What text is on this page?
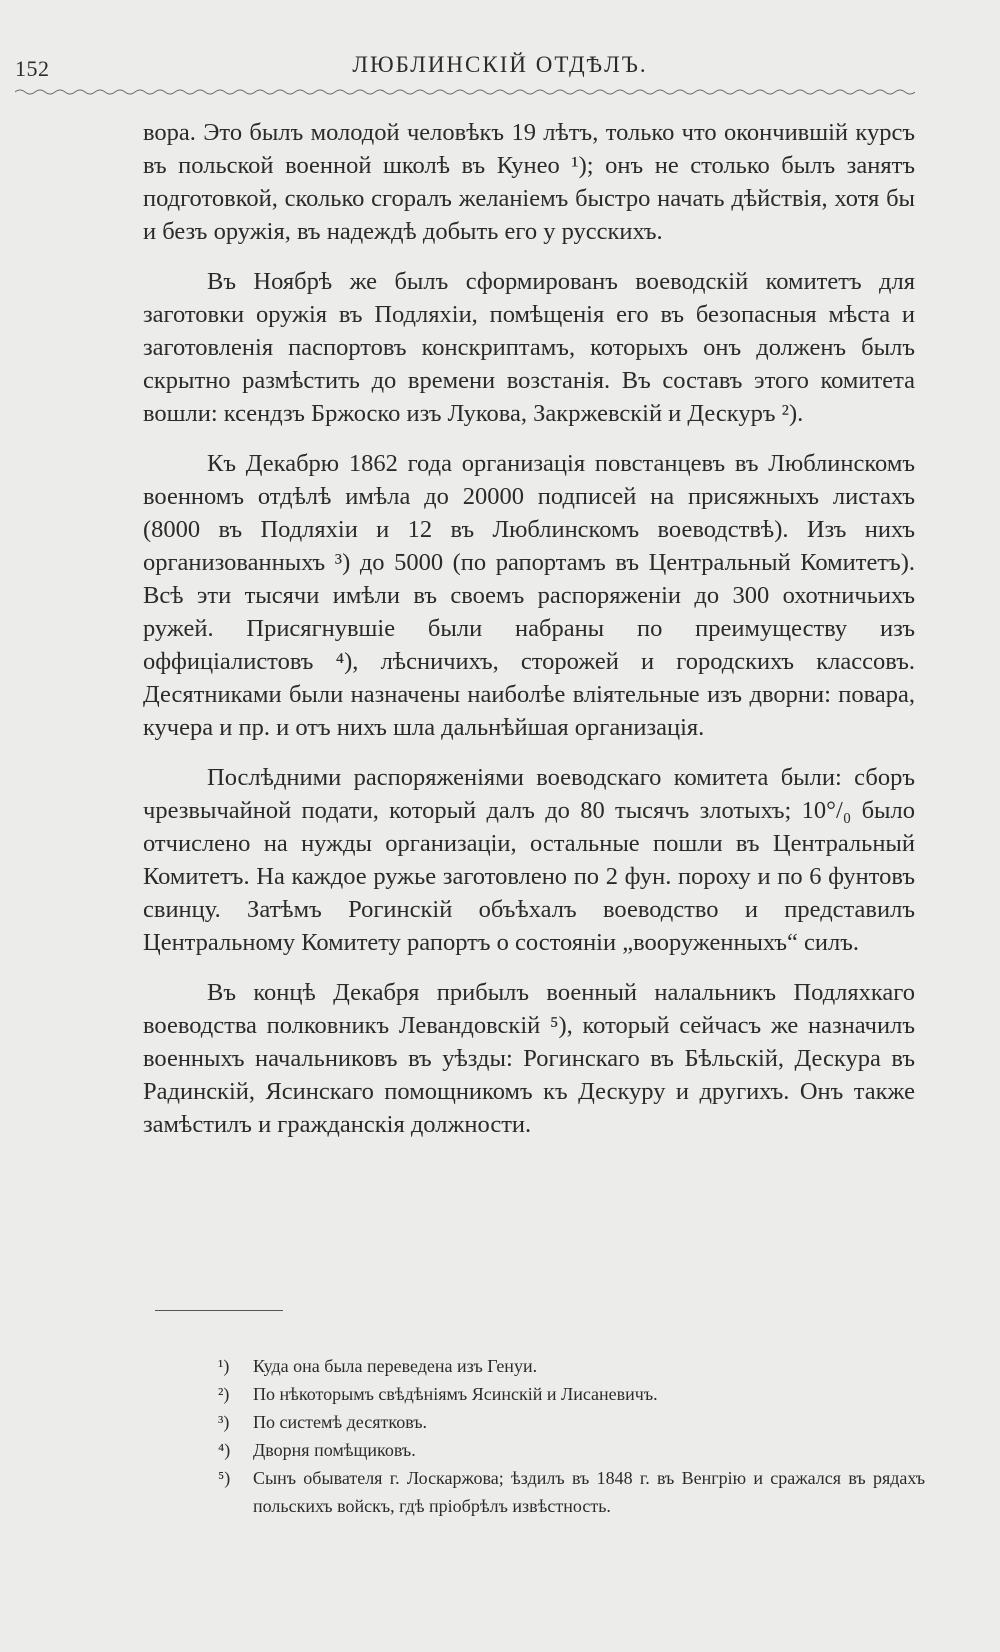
152	ЛЮБЛИНСКІЙ ОТДѢЛЪ.

вора. Это былъ молодой человѣкъ 19 лѣтъ, только что окончившій курсъ въ польской военной школѣ въ Кунео ¹); онъ не столько былъ занятъ подготовкой, сколько сгоралъ желаніемъ быстро начать дѣйствія, хотя бы и безъ оружія, въ надеждѣ добыть его у русскихъ.

Въ Ноябрѣ же былъ сформированъ воеводскій комитетъ для заготовки оружія въ Подляхіи, помѣщенія его въ безопасныя мѣста и заготовленія паспортовъ конскриптамъ, которыхъ онъ долженъ былъ скрытно размѣстить до времени возстанія. Въ составъ этого комитета вошли: ксендзъ Бржоско изъ Лукова, Закржевскій и Дескуръ ²).

Къ Декабрю 1862 года организація повстанцевъ въ Люблинскомъ военномъ отдѣлѣ имѣла до 20000 подписей на присяжныхъ листахъ (8000 въ Подляхіи и 12 въ Люблинскомъ воеводствѣ). Изъ нихъ организованныхъ ³) до 5000 (по рапортамъ въ Центральный Комитетъ). Всѣ эти тысячи имѣли въ своемъ распоряженіи до 300 охотничьихъ ружей. Присягнувшіе были набраны по преимуществу изъ оффиціалистовъ ⁴), лѣсничихъ, сторожей и городскихъ классовъ. Десятниками были назначены наиболѣе вліятельные изъ дворни: повара, кучера и пр. и отъ нихъ шла дальнѣйшая организація.

Послѣдними распоряженіями воеводскаго комитета были: сборъ чрезвычайной подати, который далъ до 80 тысячъ злотыхъ; 10°/₀ было отчислено на нужды организаціи, остальные пошли въ Центральный Комитетъ. На каждое ружье заготовлено по 2 фун. пороху и по 6 фунтовъ свинцу. Затѣмъ Рогинскій объѣхалъ воеводство и представилъ Центральному Комитету рапортъ о состояніи „вооруженныхъ“ силъ.

Въ концѣ Декабря прибылъ военный налальникъ Подляхкаго воеводства полковникъ Левандовскій ⁵), который сейчасъ же назначилъ военныхъ начальниковъ въ уѣзды: Рогинскаго въ Бѣльскій, Дескура въ Радинскій, Ясинскаго помощникомъ къ Дескуру и другихъ. Онъ также замѣстилъ и гражданскія должности.

¹) Куда она была переведена изъ Генуи.
²) По нѣкоторымъ свѣдѣніямъ Ясинскій и Лисаневичъ.
³) По системѣ десятковъ.
⁴) Дворня помѣщиковъ.
⁵) Сынъ обывателя г. Лоскаржова; ѣздилъ въ 1848 г. въ Венгрію и сражался въ рядахъ польскихъ войскъ, гдѣ пріобрѣлъ извѣстность.
